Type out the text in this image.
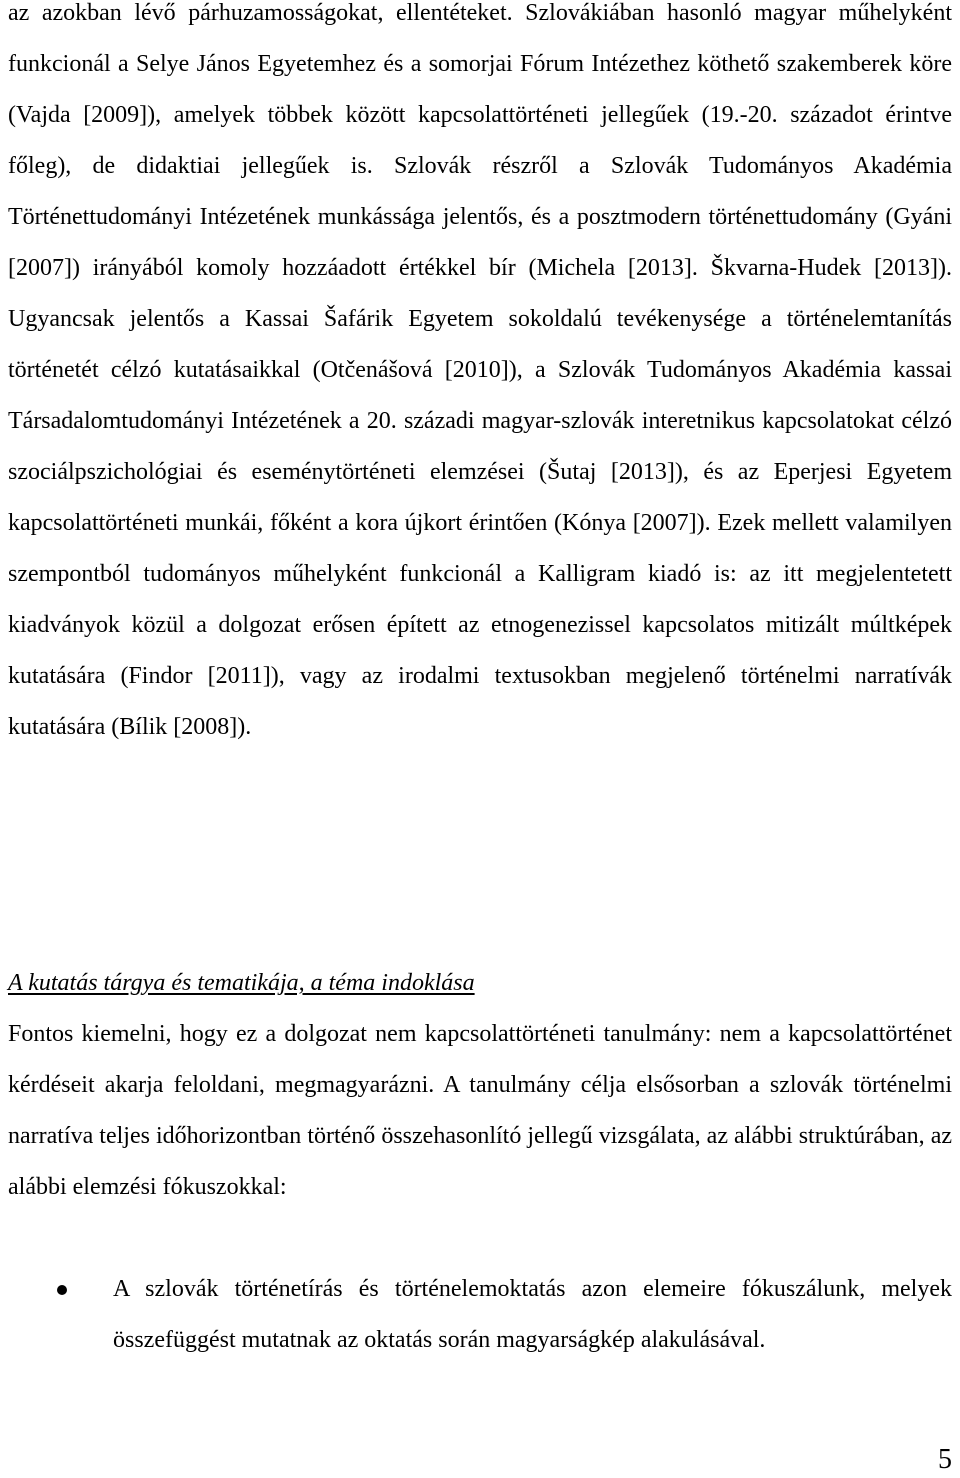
az azokban lévő párhuzamosságokat, ellentéteket. Szlovákiában hasonló magyar műhelyként funkcionál a Selye János Egyetemhez és a somorjai Fórum Intézethez köthető szakemberek köre (Vajda [2009]), amelyek többek között kapcsolattörténeti jellegűek (19.-20. századot érintve főleg), de didaktiai jellegűek is. Szlovák részről a Szlovák Tudományos Akadémia Történettudományi Intézetének munkássága jelentős, és a posztmodern történettudomány (Gyáni [2007]) irányából komoly hozzáadott értékkel bír (Michela [2013]. Škvarna-Hudek [2013]). Ugyancsak jelentős a Kassai Šafárik Egyetem sokoldalú tevékenysége a történelemtanítás történetét célzó kutatásaikkal (Otčenášová [2010]), a Szlovák Tudományos Akadémia kassai Társadalomtudományi Intézetének a 20. századi magyar-szlovák interetnikus kapcsolatokat célzó szociálpszichológiai és eseménytörténeti elemzései (Šutaj [2013]), és az Eperjesi Egyetem kapcsolattörténeti munkái, főként a kora újkort érintően (Kónya [2007]). Ezek mellett valamilyen szempontból tudományos műhelyként funkcionál a Kalligram kiadó is: az itt megjelentetett kiadványok közül a dolgozat erősen épített az etnogenezissel kapcsolatos mitizált múltképek kutatására (Findor [2011]), vagy az irodalmi textusokban megjelenő történelmi narratívák kutatására (Bílik [2008]).

A kutatás tárgya és tematikája, a téma indoklása

Fontos kiemelni, hogy ez a dolgozat nem kapcsolattörténeti tanulmány: nem a kapcsolattörténet kérdéseit akarja feloldani, megmagyarázni. A tanulmány célja elsősorban a szlovák történelmi narratíva teljes időhorizontban történő összehasonlító jellegű vizsgálata, az alábbi struktúrában, az alábbi elemzési fókuszokkal:

A szlovák történetírás és történelemoktatás azon elemeire fókuszálunk, melyek összefüggést mutatnak az oktatás során magyarságkép alakulásával.
5
